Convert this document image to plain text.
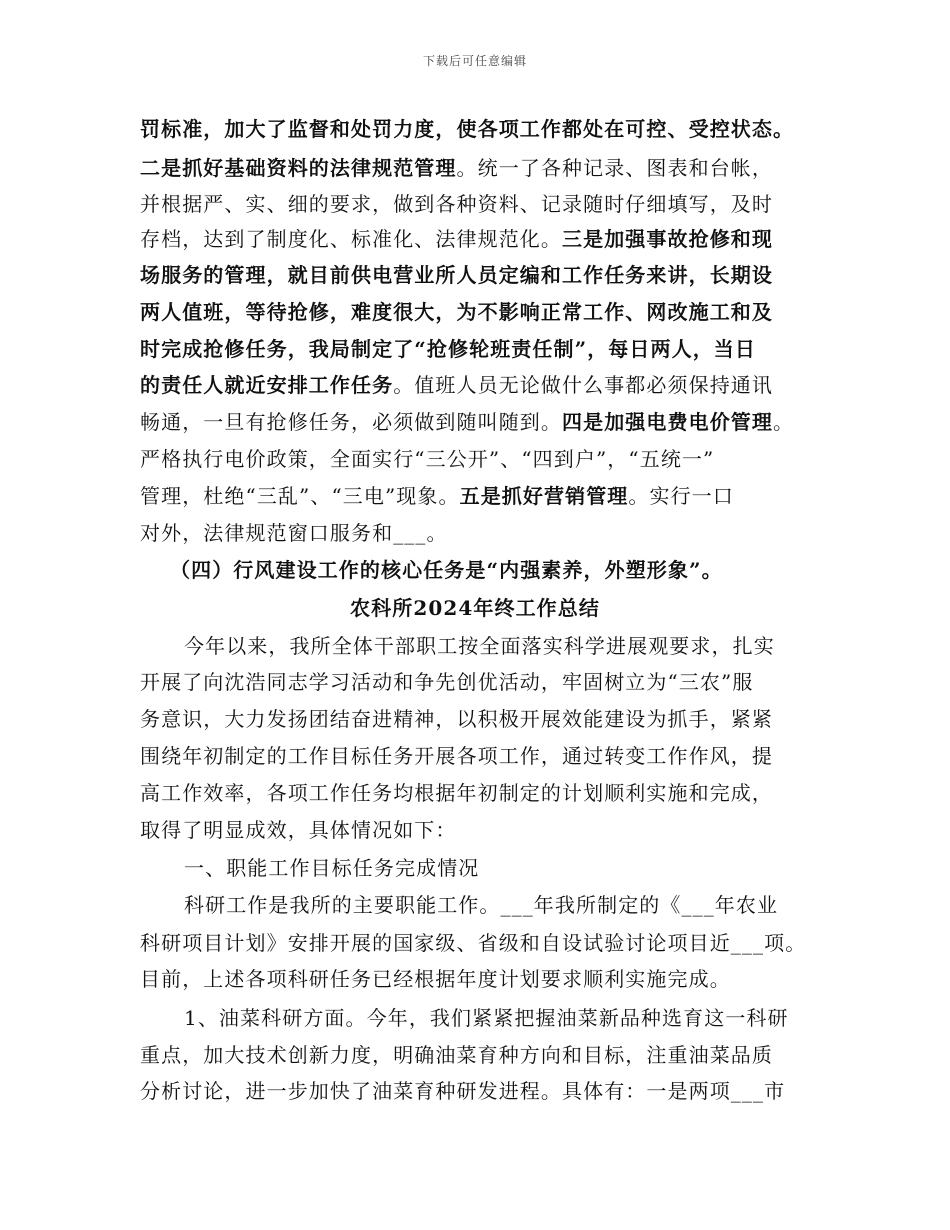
下载后可任意编辑
罚标准，加大了监督和处罚力度，使各项工作都处在可控、受控状态。
二是抓好基础资料的法律规范管理。统一了各种记录、图表和台帐，
并根据严、实、细的要求，做到各种资料、记录随时仔细填写，及时
存档，达到了制度化、标准化、法律规范化。三是加强事故抢修和现
场服务的管理，就目前供电营业所人员定编和工作任务来讲，长期设
两人值班，等待抢修，难度很大，为不影响正常工作、网改施工和及
时完成抢修任务，我局制定了“抢修轮班责任制”，每日两人，当日
的责任人就近安排工作任务。值班人员无论做什么事都必须保持通讯
畅通，一旦有抢修任务，必须做到随叫随到。四是加强电费电价管理。
严格执行电价政策，全面实行“三公开”、“四到户”，“五统一”
管理，杜绝“三乱”、“三电”现象。五是抓好营销管理。实行一口
对外，法律规范窗口服务和___。
（四）行风建设工作的核心任务是“内强素养，外塑形象”。
农科所2024年终工作总结
今年以来，我所全体干部职工按全面落实科学进展观要求，扎实
开展了向沈浩同志学习活动和争先创优活动，牢固树立为“三农”服
务意识，大力发扬团结奋进精神，以积极开展效能建设为抓手，紧紧
围绕年初制定的工作目标任务开展各项工作，通过转变工作作风，提
高工作效率，各项工作任务均根据年初制定的计划顺利实施和完成，
取得了明显成效，具体情况如下：
一、职能工作目标任务完成情况
科研工作是我所的主要职能工作。___年我所制定的《___年农业
科研项目计划》安排开展的国家级、省级和自设试验讨论项目近___项。
目前，上述各项科研任务已经根据年度计划要求顺利实施完成。
1、油菜科研方面。今年，我们紧紧把握油菜新品种选育这一科研
重点，加大技术创新力度，明确油菜育种方向和目标，注重油菜品质
分析讨论，进一步加快了油菜育种研发进程。具体有：一是两项___市
